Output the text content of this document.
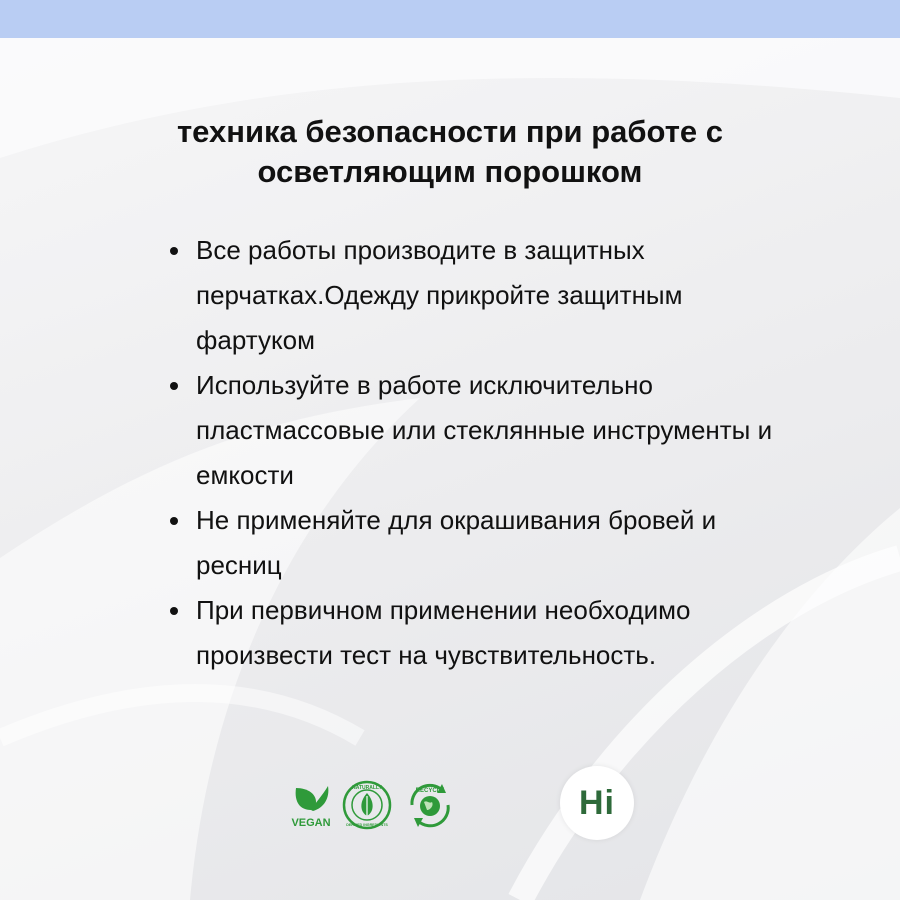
техника безопасности при работе с осветляющим порошком
Все работы производите в защитных перчатках.Одежду прикройте защитным фартуком
Используйте в работе исключительно пластмассовые или стеклянные инструменты и емкости
Не применяйте для окрашивания бровей и ресниц
При первичном применении необходимо произвести тест на чувствительность.
VEGAN
NATURALLY
DERIVED INGREDIENTS
RECYCLE	Hi
